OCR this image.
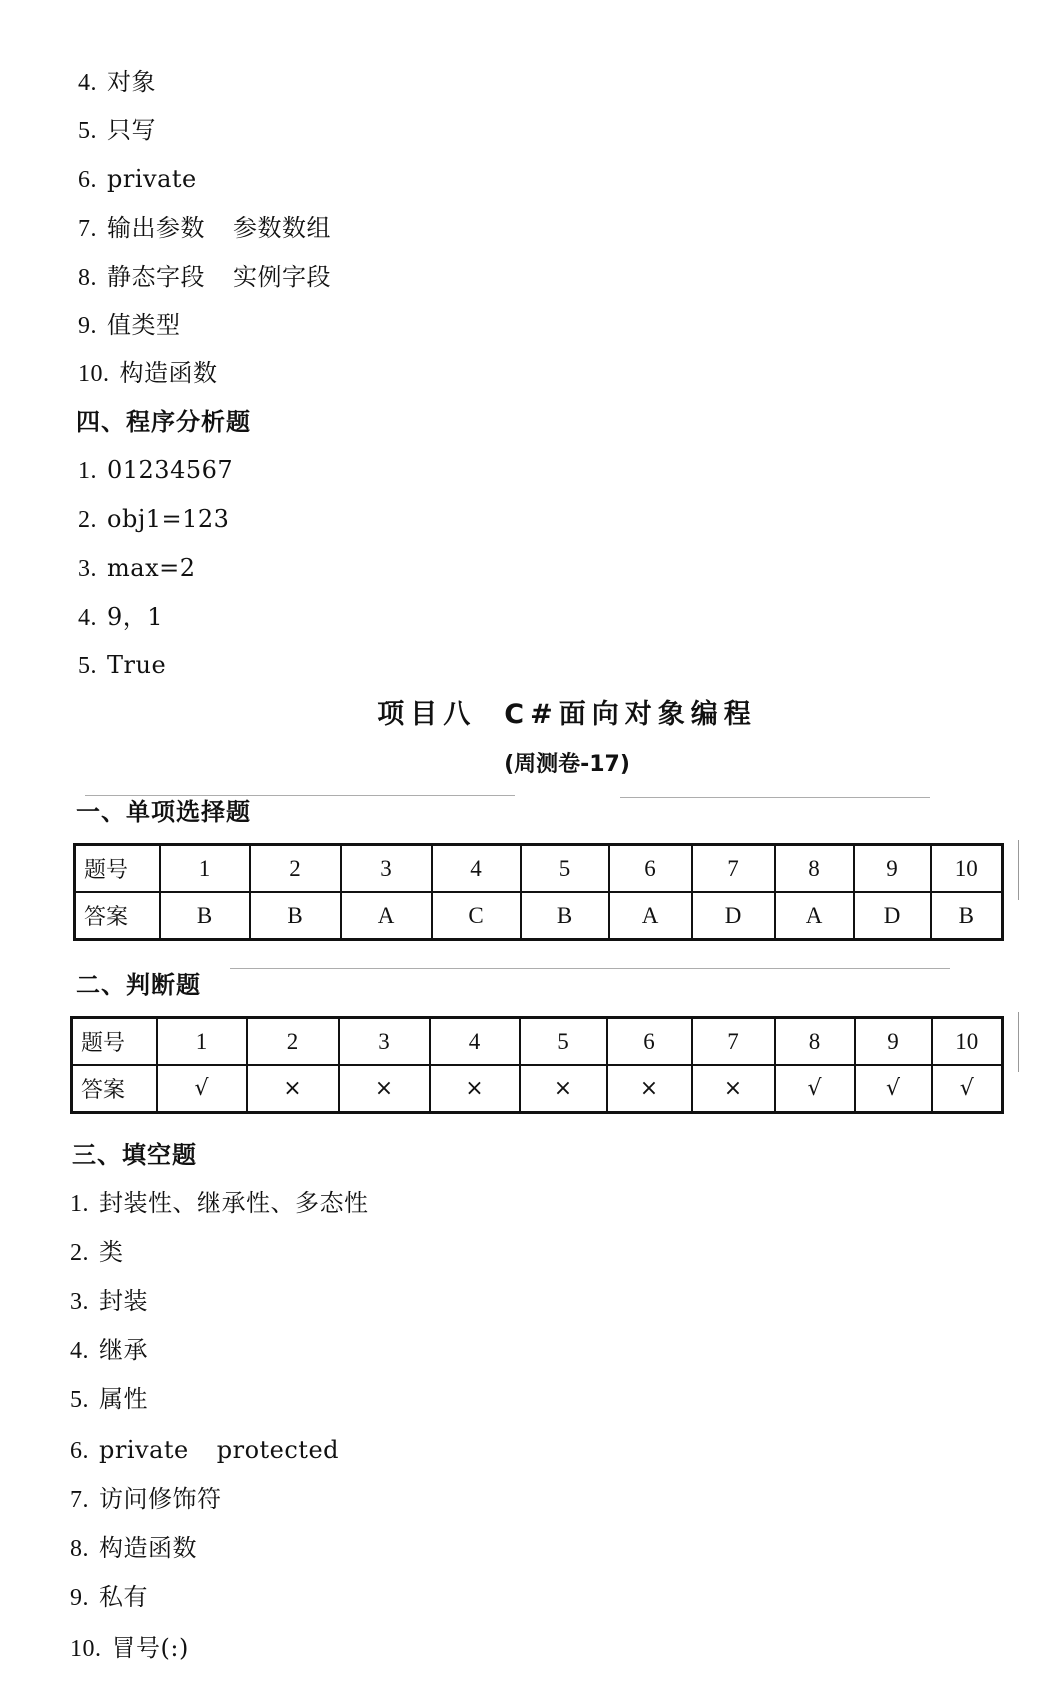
4. 对象
5. 只写
6. private
7. 输出参数 参数数组
8. 静态字段 实例字段
9. 值类型
10. 构造函数
四、程序分析题
1. 01234567
2. obj1=123
3. max=2
4. 9，1
5. True
项目八 C#面向对象编程
(周测卷-17)
一、单项选择题
题号	1	2	3	4	5	6	7	8	9	10
答案	B	B	A	C	B	A	D	A	D	B
二、判断题
题号	1	2	3	4	5	6	7	8	9	10
答案	√	×	×	×	×	×	×	√	√	√
三、填空题
1. 封装性、继承性、多态性
2. 类
3. 封装
4. 继承
5. 属性
6. private protected
7. 访问修饰符
8. 构造函数
9. 私有
10. 冒号(:)
